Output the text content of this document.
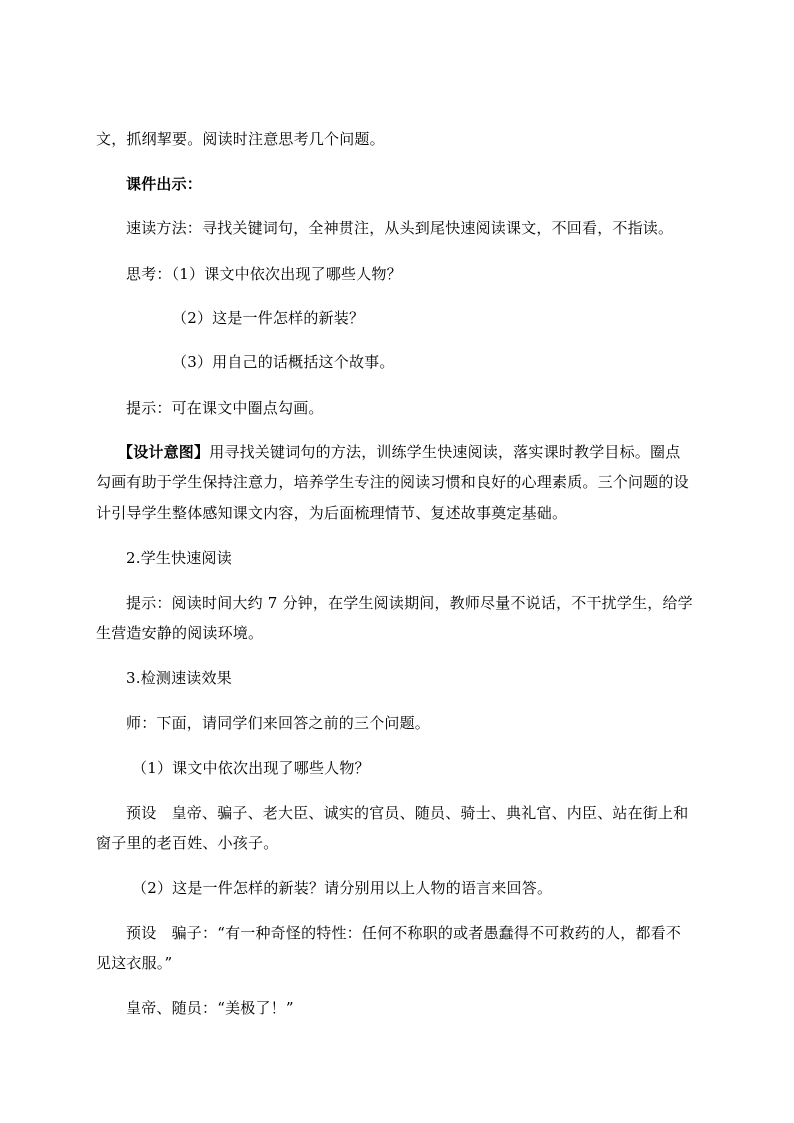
文，抓纲挈要。阅读时注意思考几个问题。
课件出示：
速读方法：寻找关键词句，全神贯注，从头到尾快速阅读课文，不回看，不指读。
思考：（1）课文中依次出现了哪些人物？
（2）这是一件怎样的新装？
（3）用自己的话概括这个故事。
提示：可在课文中圈点勾画。
【设计意图】用寻找关键词句的方法，训练学生快速阅读，落实课时教学目标。圈点
勾画有助于学生保持注意力，培养学生专注的阅读习惯和良好的心理素质。三个问题的设
计引导学生整体感知课文内容，为后面梳理情节、复述故事奠定基础。
2.学生快速阅读
提示：阅读时间大约 7 分钟，在学生阅读期间，教师尽量不说话，不干扰学生，给学
生营造安静的阅读环境。
3.检测速读效果
师：下面，请同学们来回答之前的三个问题。
（1）课文中依次出现了哪些人物？
预设　皇帝、骗子、老大臣、诚实的官员、随员、骑士、典礼官、内臣、站在街上和
窗子里的老百姓、小孩子。
（2）这是一件怎样的新装？请分别用以上人物的语言来回答。
预设　骗子：“有一种奇怪的特性：任何不称职的或者愚蠢得不可救药的人，都看不
见这衣服。”
皇帝、随员：“美极了！”
